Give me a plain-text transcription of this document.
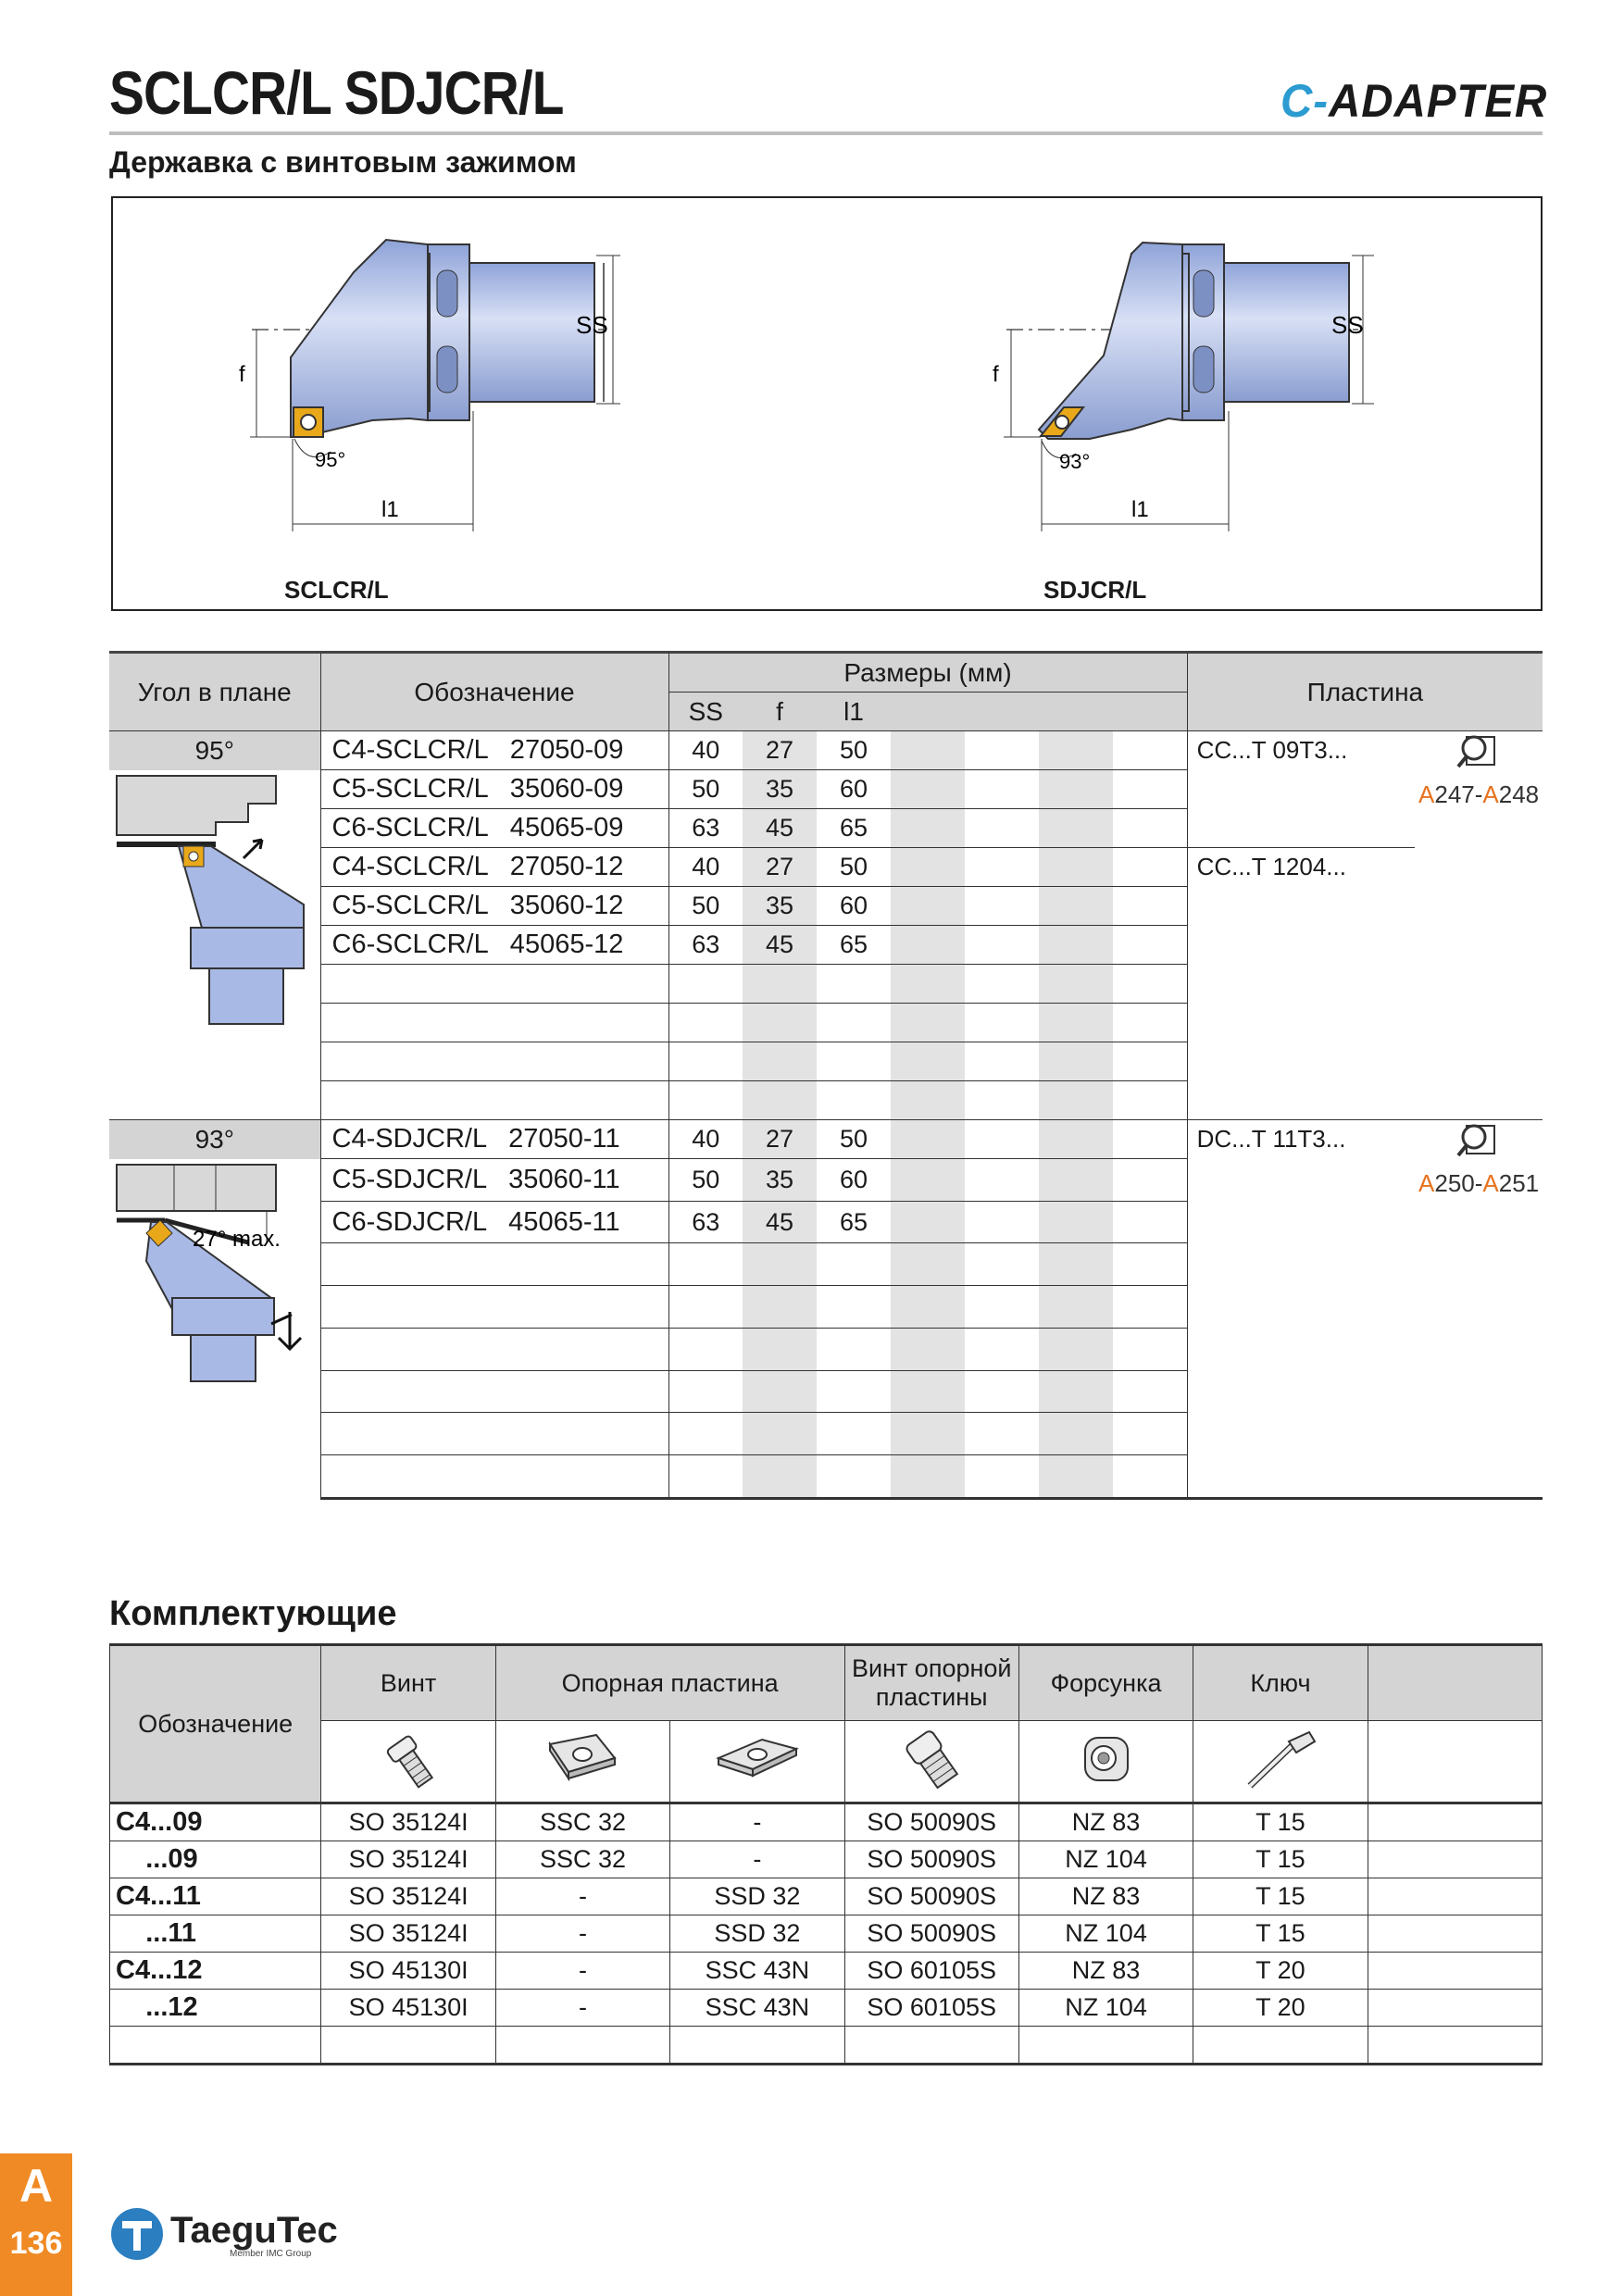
SCLCR/L SDJCR/L	C-ADAPTER
Державка с винтовым зажимом
SS
f
l1
95°
SS
f
l1
93°
SCLCR/L	SDJCR/L
Угол в плане	Обозначение	Размеры (мм)							Пластина	
		SS	f	l1						
95°	C4-SCLCR/L   27050-09	40	27	50					CC...T 09T3...	A247-A248
	C5-SCLCR/L   35060-09	50	35	60						
	C6-SCLCR/L   45065-09	63	45	65						
	C4-SCLCR/L   27050-12	40	27	50					CC...T 1204...	
	C5-SCLCR/L   35060-12	50	35	60						
	C6-SCLCR/L   45065-12	63	45	65						

93°	C4-SDJCR/L   27050-11	40	27	50					DC...T 11T3...	A250-A251

27° max.	C5-SDJCR/L   35060-11	50	35	60						
	C6-SDJCR/L   45065-11	63	45	65						

Комплектующие
Обозначение	Винт	Опорная пластина		Винт опорной пластины	Форсунка	Ключ	

C4...09	SO 35124I	SSC 32	-	SO 50090S	NZ 83	T 15	
...09	SO 35124I	SSC 32	-	SO 50090S	NZ 104	T 15	
C4...11	SO 35124I	-	SSD 32	SO 50090S	NZ 83	T 15	
...11	SO 35124I	-	SSD 32	SO 50090S	NZ 104	T 15	
C4...12	SO 45130I	-	SSC 43N	SO 60105S	NZ 83	T 20	
...12	SO 45130I	-	SSC 43N	SO 60105S	NZ 104	T 20	

A
136	TaeguTec
Member IMC Group
